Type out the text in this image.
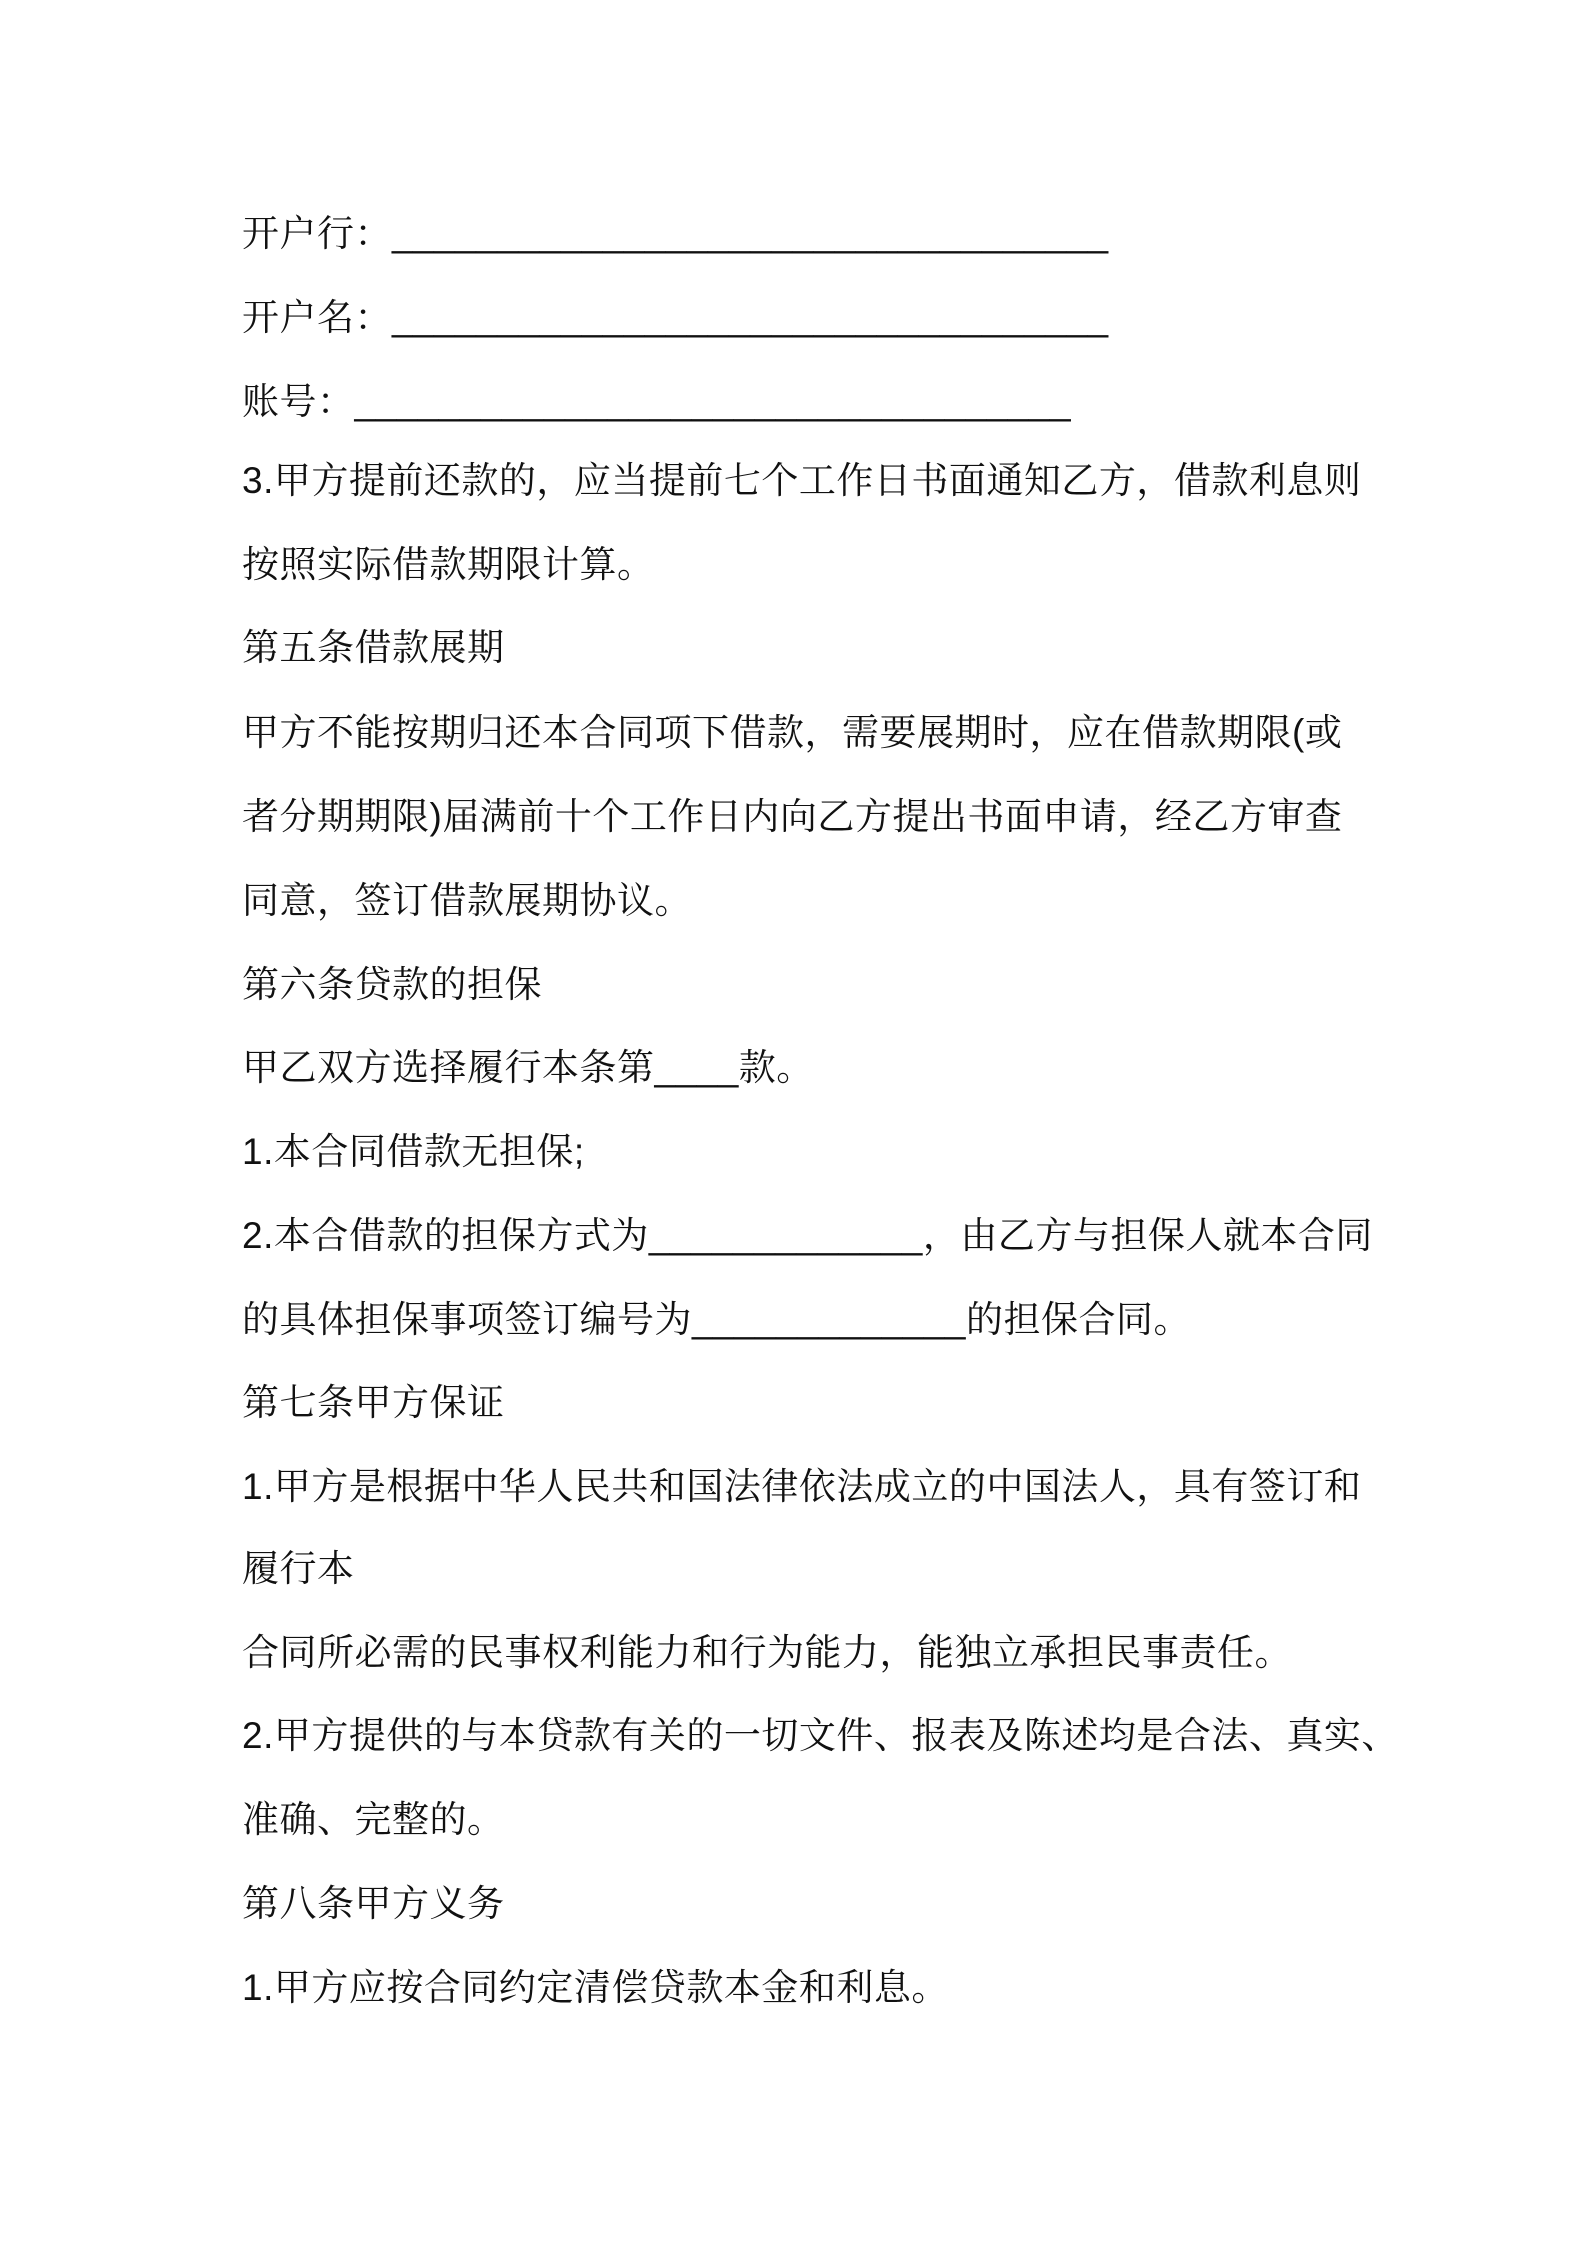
开户行：__________________________________
开户名：__________________________________
账号：__________________________________
3.甲方提前还款的，应当提前七个工作日书面通知乙方，借款利息则
按照实际借款期限计算。
第五条借款展期
甲方不能按期归还本合同项下借款，需要展期时，应在借款期限(或
者分期期限)届满前十个工作日内向乙方提出书面申请，经乙方审查
同意，签订借款展期协议。
第六条贷款的担保
甲乙双方选择履行本条第____款。
1.本合同借款无担保;
2.本合借款的担保方式为_____________，由乙方与担保人就本合同
的具体担保事项签订编号为_____________的担保合同。
第七条甲方保证
1.甲方是根据中华人民共和国法律依法成立的中国法人，具有签订和
履行本
合同所必需的民事权利能力和行为能力，能独立承担民事责任。
2.甲方提供的与本贷款有关的一切文件、报表及陈述均是合法、真实、
准确、完整的。
第八条甲方义务
1.甲方应按合同约定清偿贷款本金和利息。
